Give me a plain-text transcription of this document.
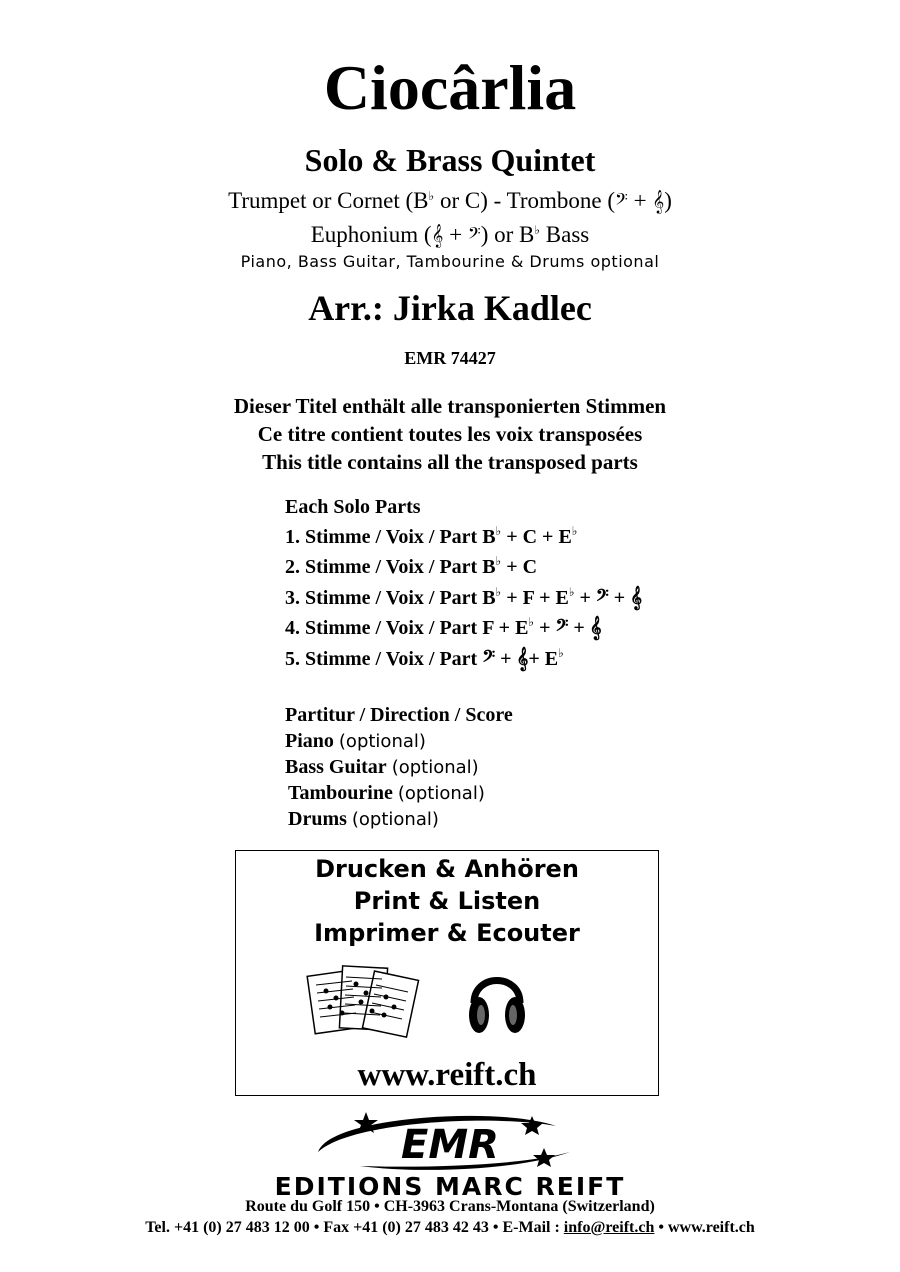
Ciocârlia
Solo & Brass Quintet
Trumpet or Cornet (B♭ or C) - Trombone (𝄢 + 𝄞)
Euphonium (𝄞 + 𝄢) or B♭ Bass
Piano, Bass Guitar, Tambourine & Drums optional
Arr.: Jirka Kadlec
EMR 74427
Dieser Titel enthält alle transponierten Stimmen
Ce titre contient toutes les voix transposées
This title contains all the transposed parts
Each Solo Parts
1. Stimme / Voix / Part B♭ + C + E♭
2. Stimme / Voix / Part B♭ + C
3. Stimme / Voix / Part B♭ + F + E♭ + 𝄢 + 𝄞
4. Stimme / Voix / Part F + E♭ + 𝄢 + 𝄞
5. Stimme / Voix / Part 𝄢 + 𝄞+ E♭
Partitur / Direction / Score
Piano (optional)
Bass Guitar (optional)
Tambourine (optional)
Drums (optional)
Drucken & Anhören
Print & Listen
Imprimer & Ecouter
www.reift.ch
EMR
EDITIONS MARC REIFT
Route du Golf 150 • CH-3963 Crans-Montana (Switzerland)
Tel. +41 (0) 27 483 12 00 • Fax +41 (0) 27 483 42 43 • E-Mail : info@reift.ch • www.reift.ch
